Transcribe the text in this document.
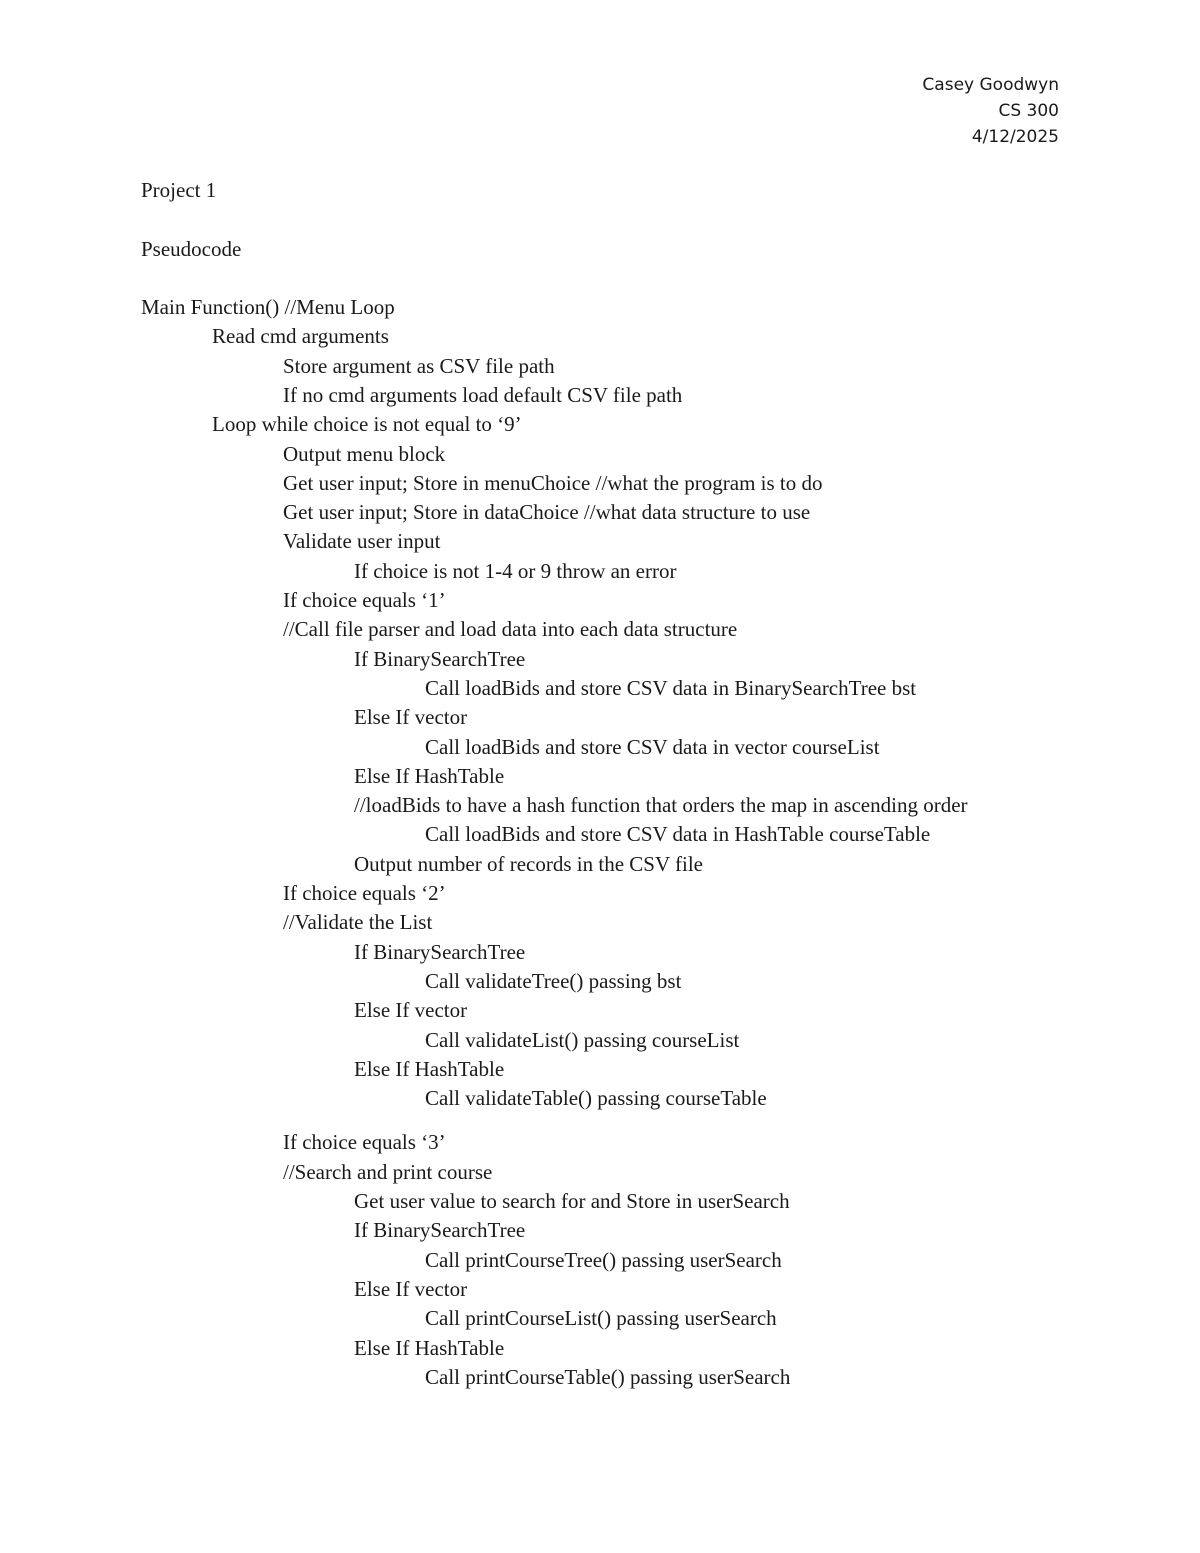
Casey Goodwyn
CS 300
4/12/2025
Project 1
Pseudocode
Main Function() //Menu Loop
Read cmd arguments
Store argument as CSV file path
If no cmd arguments load default CSV file path
Loop while choice is not equal to ‘9’
Output menu block
Get user input; Store in menuChoice //what the program is to do
Get user input; Store in dataChoice //what data structure to use
Validate user input
If choice is not 1-4 or 9 throw an error
If choice equals ‘1’
//Call file parser and load data into each data structure
If BinarySearchTree
Call loadBids and store CSV data in BinarySearchTree bst
Else If vector
Call loadBids and store CSV data in vector courseList
Else If HashTable
//loadBids to have a hash function that orders the map in ascending order
Call loadBids and store CSV data in HashTable courseTable
Output number of records in the CSV file
If choice equals ‘2’
//Validate the List
If BinarySearchTree
Call validateTree() passing bst
Else If vector
Call validateList() passing courseList
Else If HashTable
Call validateTable() passing courseTable
If choice equals ‘3’
//Search and print course
Get user value to search for and Store in userSearch
If BinarySearchTree
Call printCourseTree() passing userSearch
Else If vector
Call printCourseList() passing userSearch
Else If HashTable
Call printCourseTable() passing userSearch
